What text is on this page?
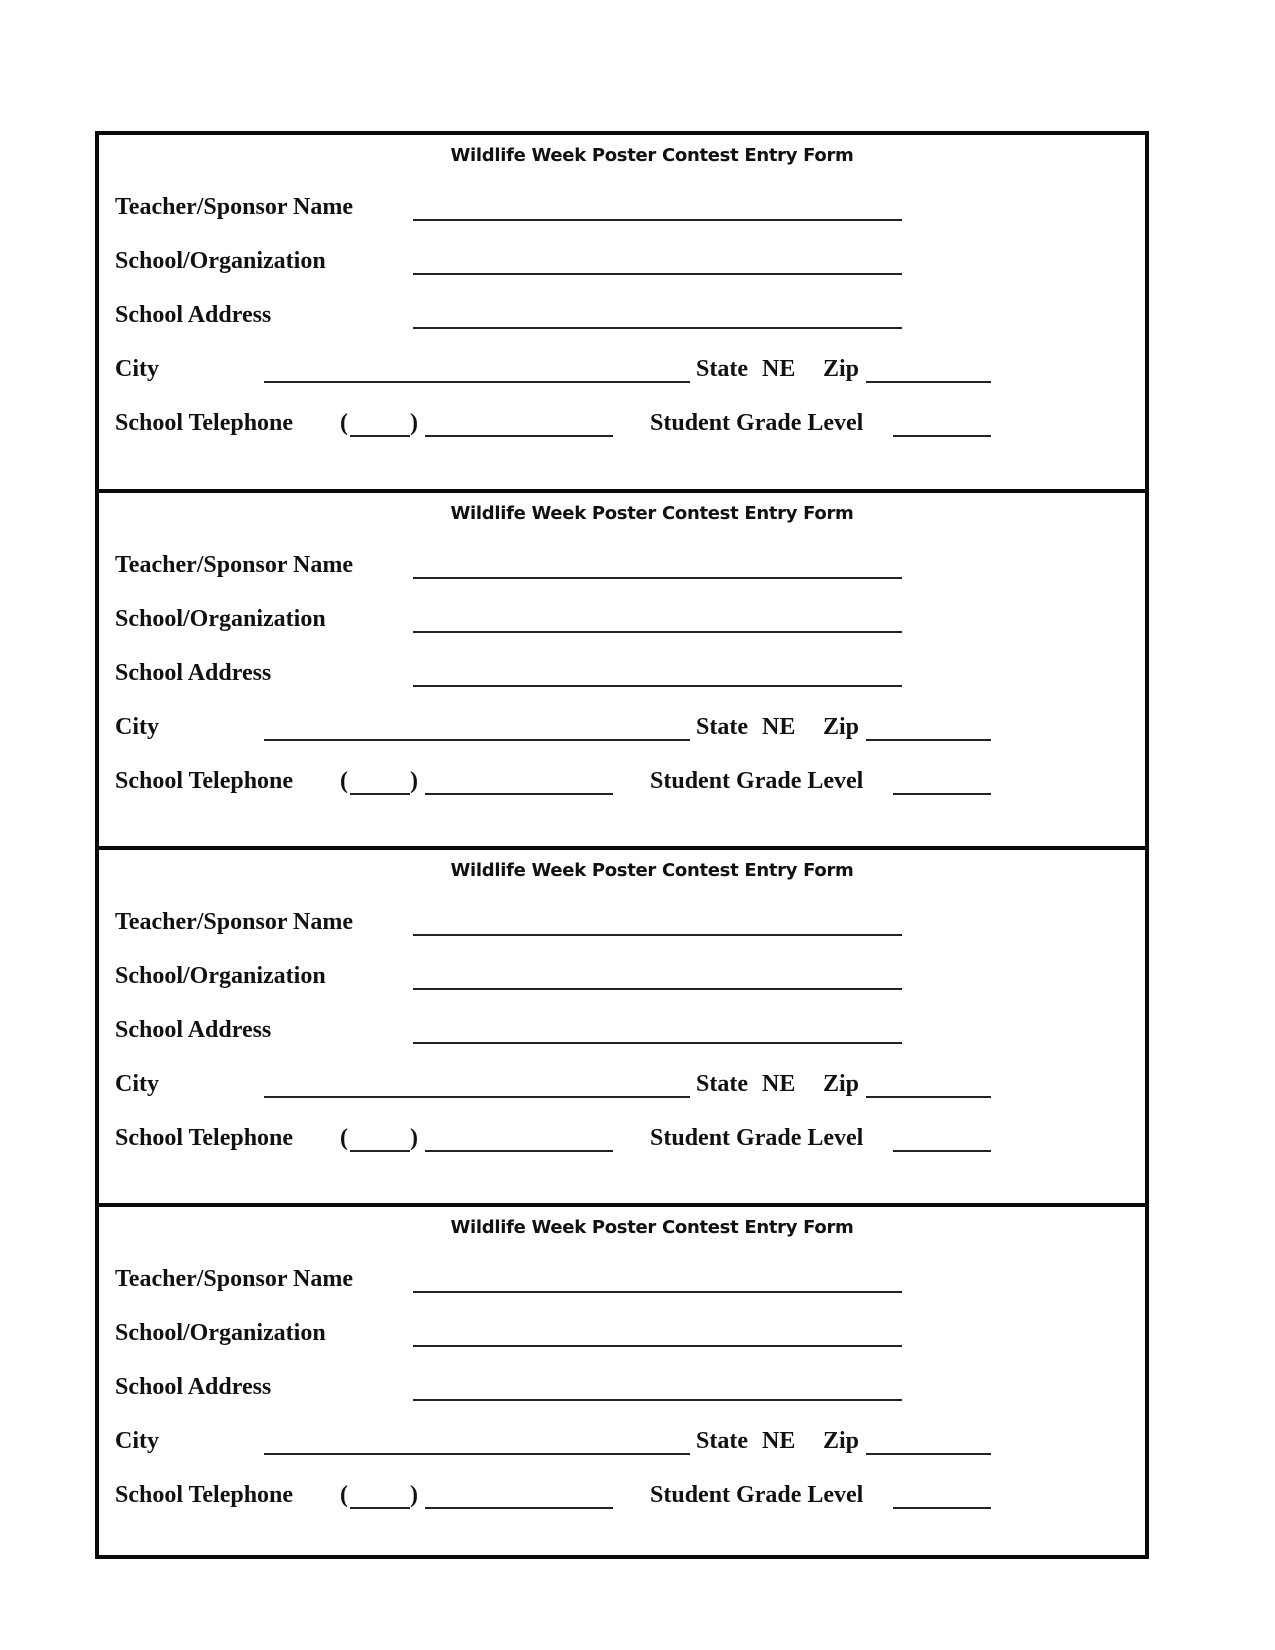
Wildlife Week Poster Contest Entry Form
Teacher/Sponsor Name
School/Organization
School Address
City	State NE Zip
School Telephone (	)	Student Grade Level
Wildlife Week Poster Contest Entry Form
Teacher/Sponsor Name
School/Organization
School Address
City	State NE Zip
School Telephone (	)	Student Grade Level
Wildlife Week Poster Contest Entry Form
Teacher/Sponsor Name
School/Organization
School Address
City	State NE Zip
School Telephone (	)	Student Grade Level
Wildlife Week Poster Contest Entry Form
Teacher/Sponsor Name
School/Organization
School Address
City	State NE Zip
School Telephone (	)	Student Grade Level
